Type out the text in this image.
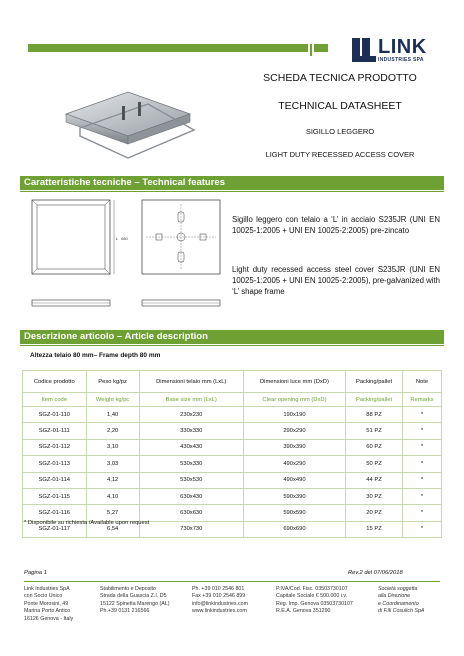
LINK
INDUSTRIES SPA
SCHEDA TECNICA PRODOTTO
TECHNICAL DATASHEET
SIGILLO LEGGERO
LIGHT DUTY RECESSED ACCESS COVER
Caratteristiche tecniche – Technical features
L 080
Sigillo leggero con telaio a ‘L’ in acciaio S235JR (UNI EN 10025-1:2005 + UNI EN 10025-2:2005) pre-zincato
Light duty recessed access steel cover S235JR (UNI EN 10025-1:2005 + UNI EN 10025-2:2005), pre-galvanized with ‘L’ shape frame
Descrizione articolo – Article description
Altezza telaio 80 mm– Frame depth 80 mm
Codice prodotto	Peso kg/pz	Dimensioni telaio mm (LxL)	Dimensioni luce mm (DxD)	Packing/pallet	Note
Item code	Weight kg/pc	Base size mm (LxL)	Clear opening mm (DxD)	Packing/pallet	Remarks
SGZ-01-110	1,40	230x230	190x190	88 PZ	*
SGZ-01-111	2,20	330x330	290x290	51 PZ	*
SGZ-01-112	3,10	430x430	390x390	60 PZ	*
SGZ-01-113	3,03	530x330	490x290	50 PZ	*
SGZ-01-114	4,12	530x530	490x490	44 PZ	*
SGZ-01-115	4,10	630x430	590x390	30 PZ	*
SGZ-01-116	5,27	630x630	590x590	20 PZ	*
SGZ-01-117	6,54	730x730	690x690	15 PZ	*
* Disponibile su richiesta /Available upon request
Pagina 1	Rev.2 del 07/06/2018
Link Industries SpA
con Socio Unico
Ponte Morosini, 49
Marina Porto Antico
16126 Genova - Italy
Stabilimento e Deposito
Strada della Guascia Z.I. D5
15122 Spinetta Marengo (AL)
Ph.+39 0131 216566
Ph. +39 010 2546 801
Fax +39 010 2546 899
info@linkindustries.com
www.linkindustries.com
P.IVA/Cod. Fisc. 03503730107
Capitale Sociale € 500.000 i.v.
Reg. Imp. Genova 03503730107
R.E.A. Genova 351290
Società soggetta
alla Direzione
e Coordinamento
di F.lli Cosulich SpA
